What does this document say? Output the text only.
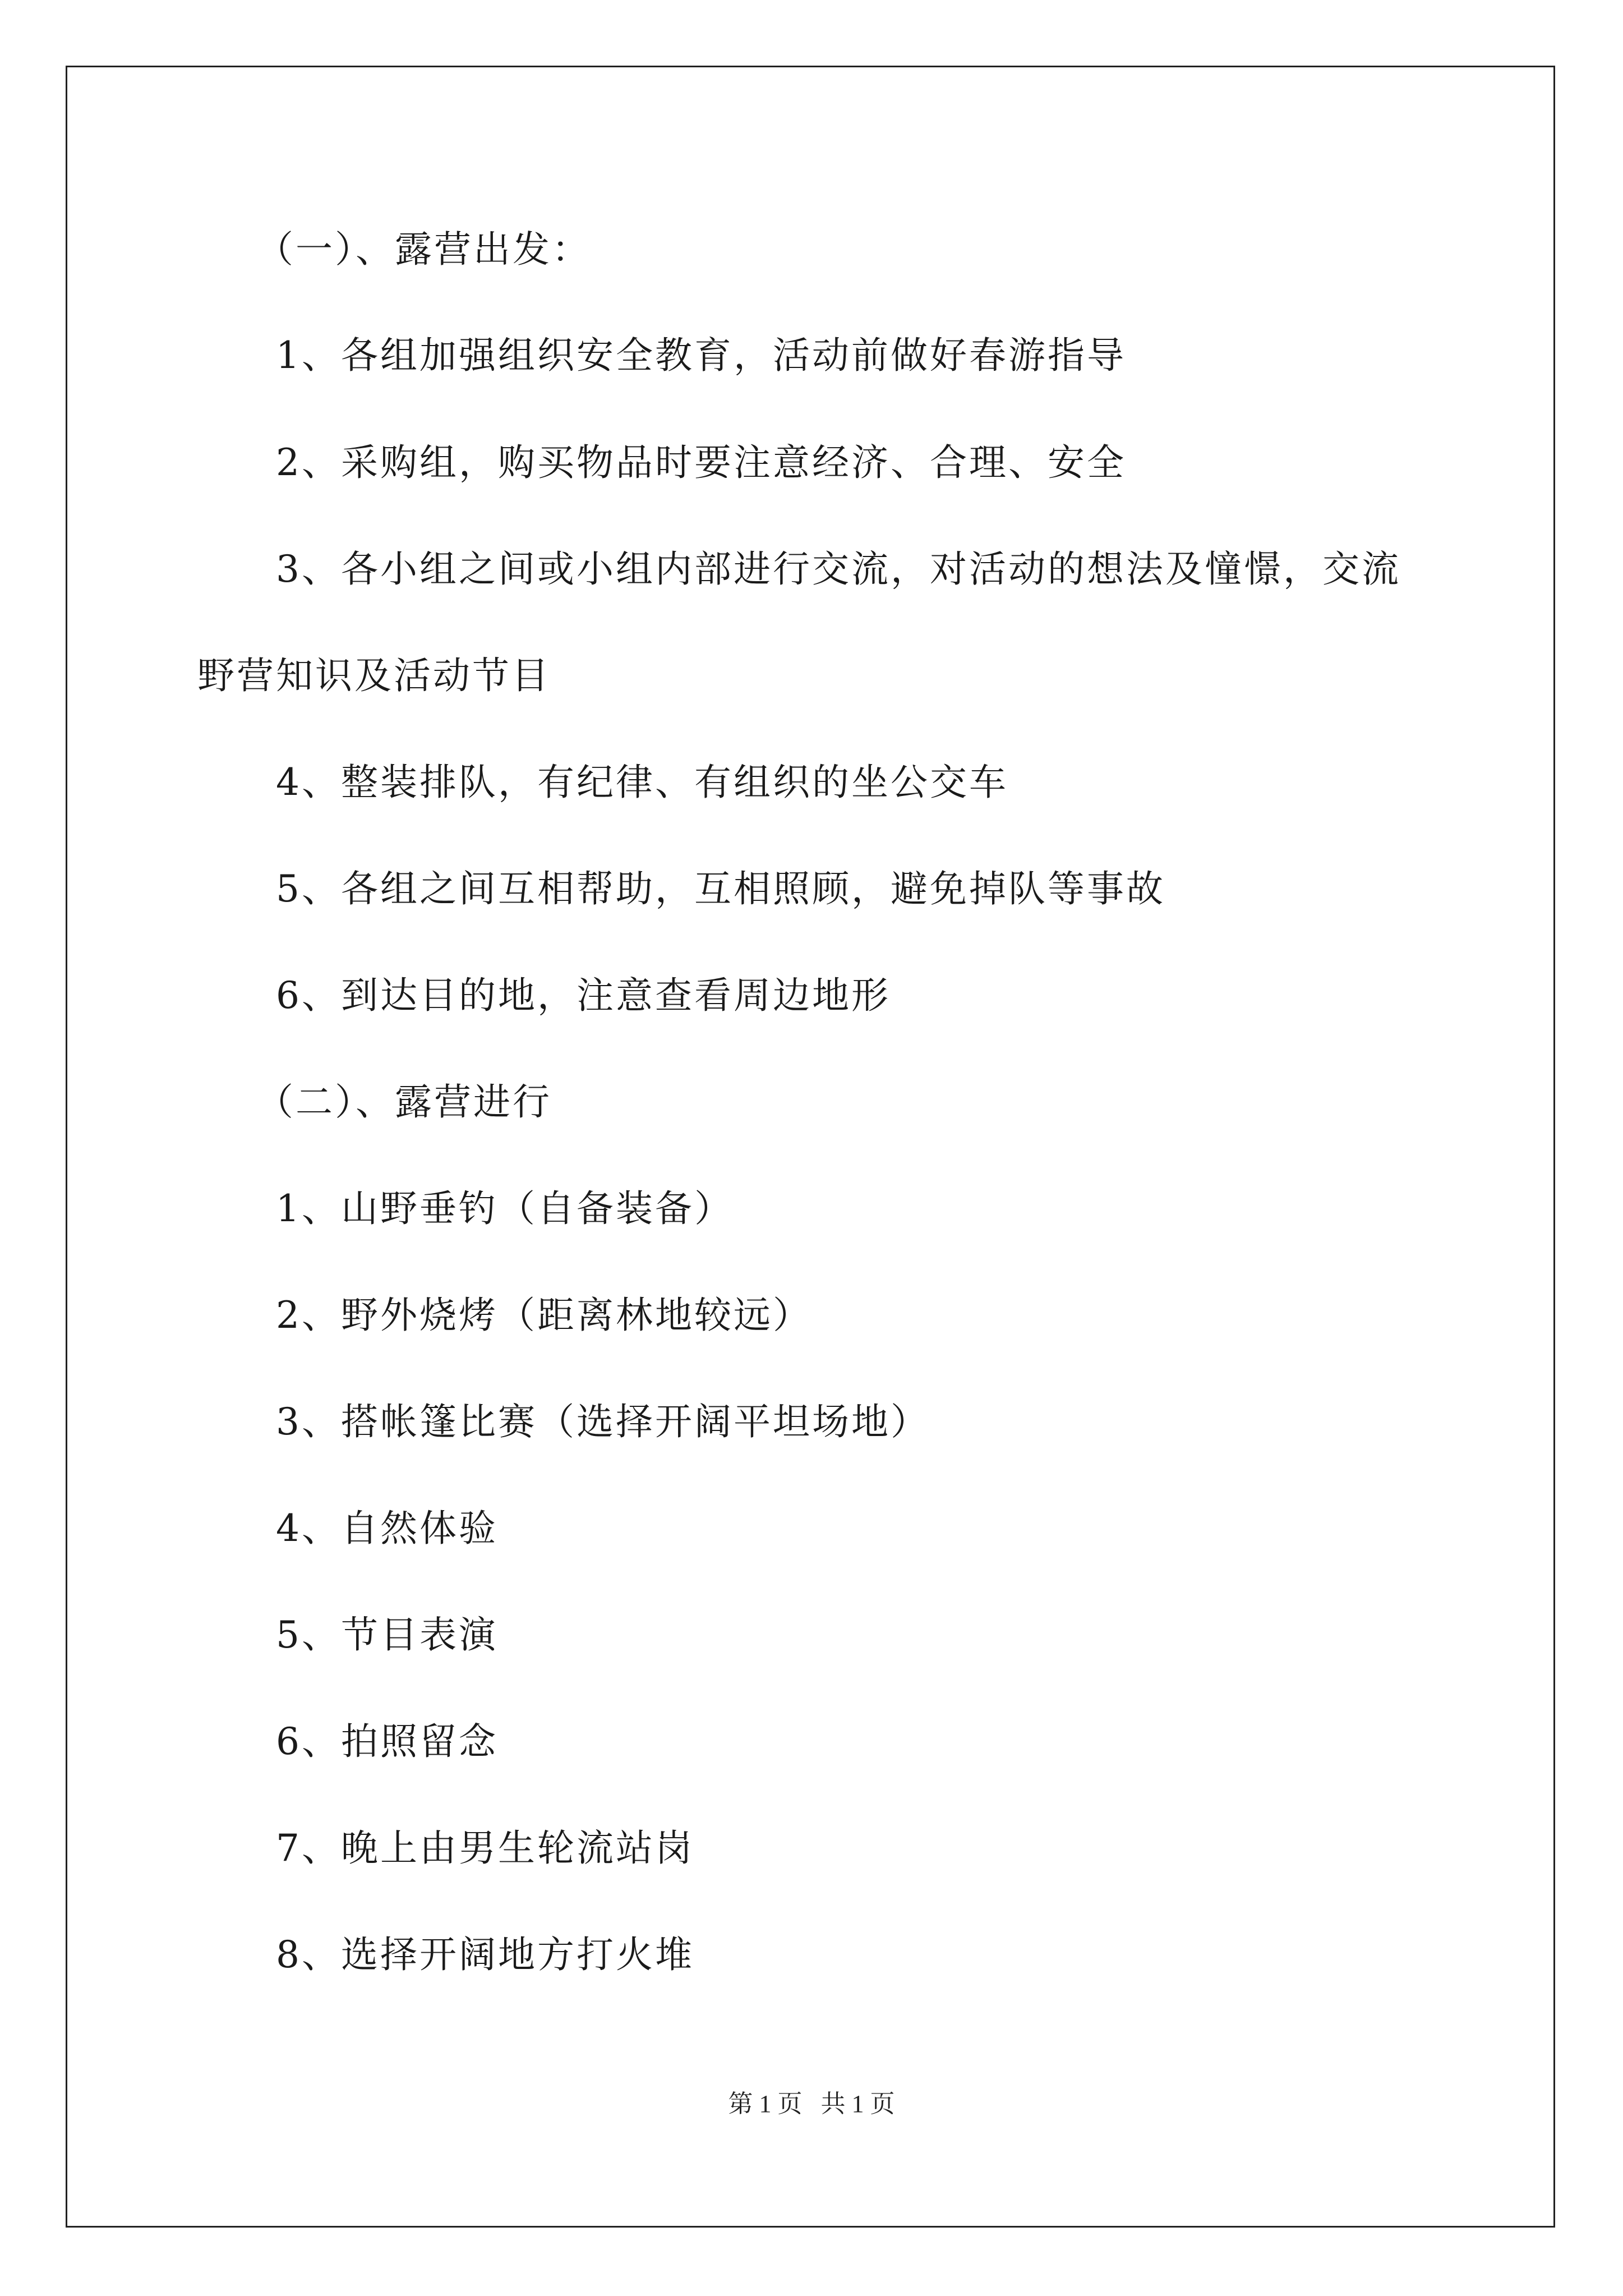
（一）、露营出发：
1、各组加强组织安全教育，活动前做好春游指导
2、采购组，购买物品时要注意经济、合理、安全
3、各小组之间或小组内部进行交流，对活动的想法及憧憬，交流
野营知识及活动节目
4、整装排队，有纪律、有组织的坐公交车
5、各组之间互相帮助，互相照顾，避免掉队等事故
6、到达目的地，注意查看周边地形
（二）、露营进行
1、山野垂钓（自备装备）
2、野外烧烤（距离林地较远）
3、搭帐篷比赛（选择开阔平坦场地）
4、自然体验
5、节目表演
6、拍照留念
7、晚上由男生轮流站岗
8、选择开阔地方打火堆
第 1 页   共 1 页
